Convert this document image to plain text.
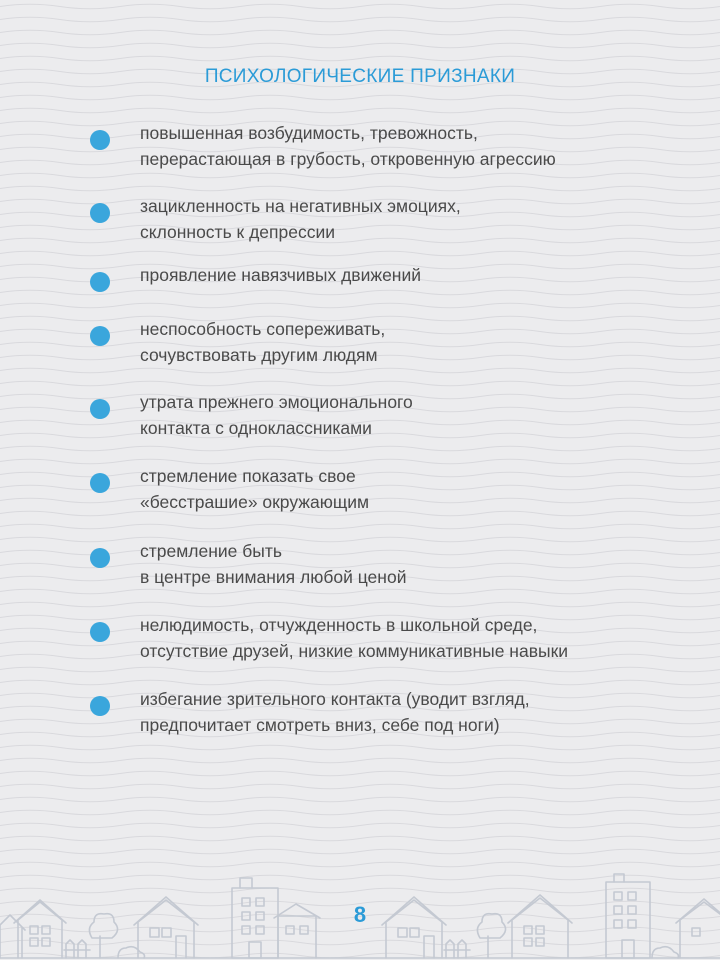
ПСИХОЛОГИЧЕСКИЕ ПРИЗНАКИ
повышенная возбудимость, тревожность,
перерастающая в грубость, откровенную агрессию
зацикленность на негативных эмоциях,
склонность к депрессии
проявление навязчивых движений
неспособность сопереживать,
сочувствовать другим людям
утрата прежнего эмоционального
контакта с одноклассниками
стремление показать свое
«бесстрашие» окружающим
стремление быть
в центре внимания любой ценой
нелюдимость, отчужденность в школьной среде,
отсутствие друзей, низкие коммуникативные навыки
избегание зрительного контакта (уводит взгляд,
предпочитает смотреть вниз, себе под ноги)
8
